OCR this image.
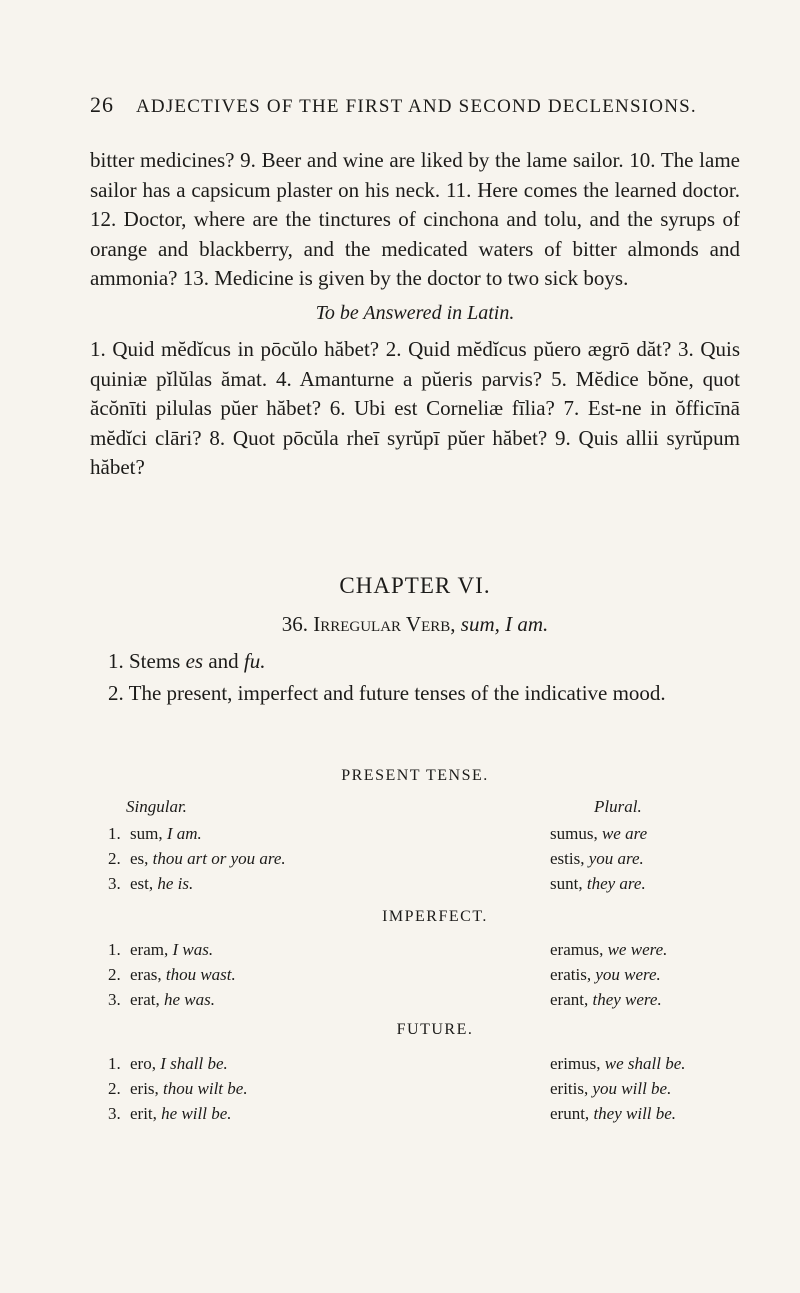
26 ADJECTIVES OF THE FIRST AND SECOND DECLENSIONS.
bitter medicines? 9. Beer and wine are liked by the lame sailor. 10. The lame sailor has a capsicum plaster on his neck. 11. Here comes the learned doctor. 12. Doctor, where are the tinctures of cinchona and tolu, and the syrups of orange and blackberry, and the medicated waters of bitter almonds and ammonia? 13. Medicine is given by the doctor to two sick boys.
To be Answered in Latin.
1. Quid mĕdĭcus in pōcŭlo hăbet? 2. Quid mĕdĭcus pŭero ægrō dăt? 3. Quis quiniæ pĭlŭlas ămat. 4. Amanturne a pŭeris parvis? 5. Mĕdice bŏne, quot ăcŏnīti pilulas pŭer hăbet? 6. Ubi est Corneliæ fīlia? 7. Est-ne in ŏfficīnā mĕdĭci clāri? 8. Quot pōcŭla rheī syrŭpī pŭer hăbet? 9. Quis allii syrŭpum hăbet?
CHAPTER VI.
36. Irregular Verb, sum, I am.
1. Stems es and fu.
2. The present, imperfect and future tenses of the indicative mood.
PRESENT TENSE.
Singular.	Plural.
1. sum, I am.	sumus, we are
2. es, thou art or you are.	estis, you are.
3. est, he is.	sunt, they are.
IMPERFECT.
1. eram, I was.	eramus, we were.
2. eras, thou wast.	eratis, you were.
3. erat, he was.	erant, they were.
FUTURE.
1. ero, I shall be.	erimus, we shall be.
2. eris, thou wilt be.	eritis, you will be.
3. erit, he will be.	erunt, they will be.
